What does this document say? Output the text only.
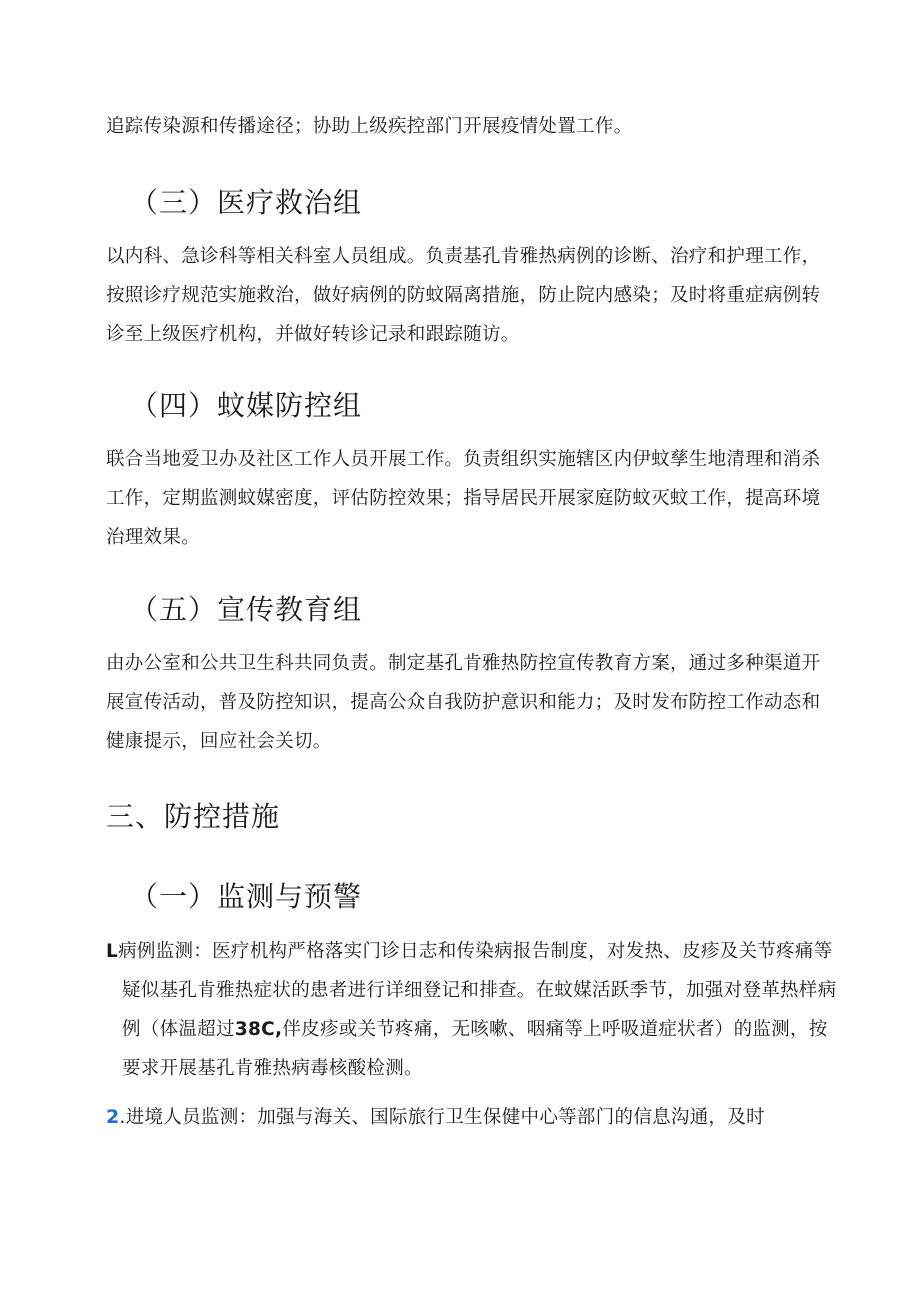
追踪传染源和传播途径；协助上级疾控部门开展疫情处置工作。

（三）医疗救治组

以内科、急诊科等相关科室人员组成。负责基孔肯雅热病例的诊断、治疗和护理工作，按照诊疗规范实施救治，做好病例的防蚊隔离措施，防止院内感染；及时将重症病例转诊至上级医疗机构，并做好转诊记录和跟踪随访。

（四）蚊媒防控组

联合当地爱卫办及社区工作人员开展工作。负责组织实施辖区内伊蚊孳生地清理和消杀工作，定期监测蚊媒密度，评估防控效果；指导居民开展家庭防蚊灭蚊工作，提高环境治理效果。

（五）宣传教育组

由办公室和公共卫生科共同负责。制定基孔肯雅热防控宣传教育方案，通过多种渠道开展宣传活动，普及防控知识，提高公众自我防护意识和能力；及时发布防控工作动态和健康提示，回应社会关切。

三、防控措施
（一）监测与预警

L病例监测：医疗机构严格落实门诊日志和传染病报告制度，对发热、皮疹及关节疼痛等疑似基孔肯雅热症状的患者进行详细登记和排查。在蚊媒活跃季节，加强对登革热样病例（体温超过38C,伴皮疹或关节疼痛，无咳嗽、咽痛等上呼吸道症状者）的监测，按要求开展基孔肯雅热病毒核酸检测。

2.进境人员监测：加强与海关、国际旅行卫生保健中心等部门的信息沟通，及时
